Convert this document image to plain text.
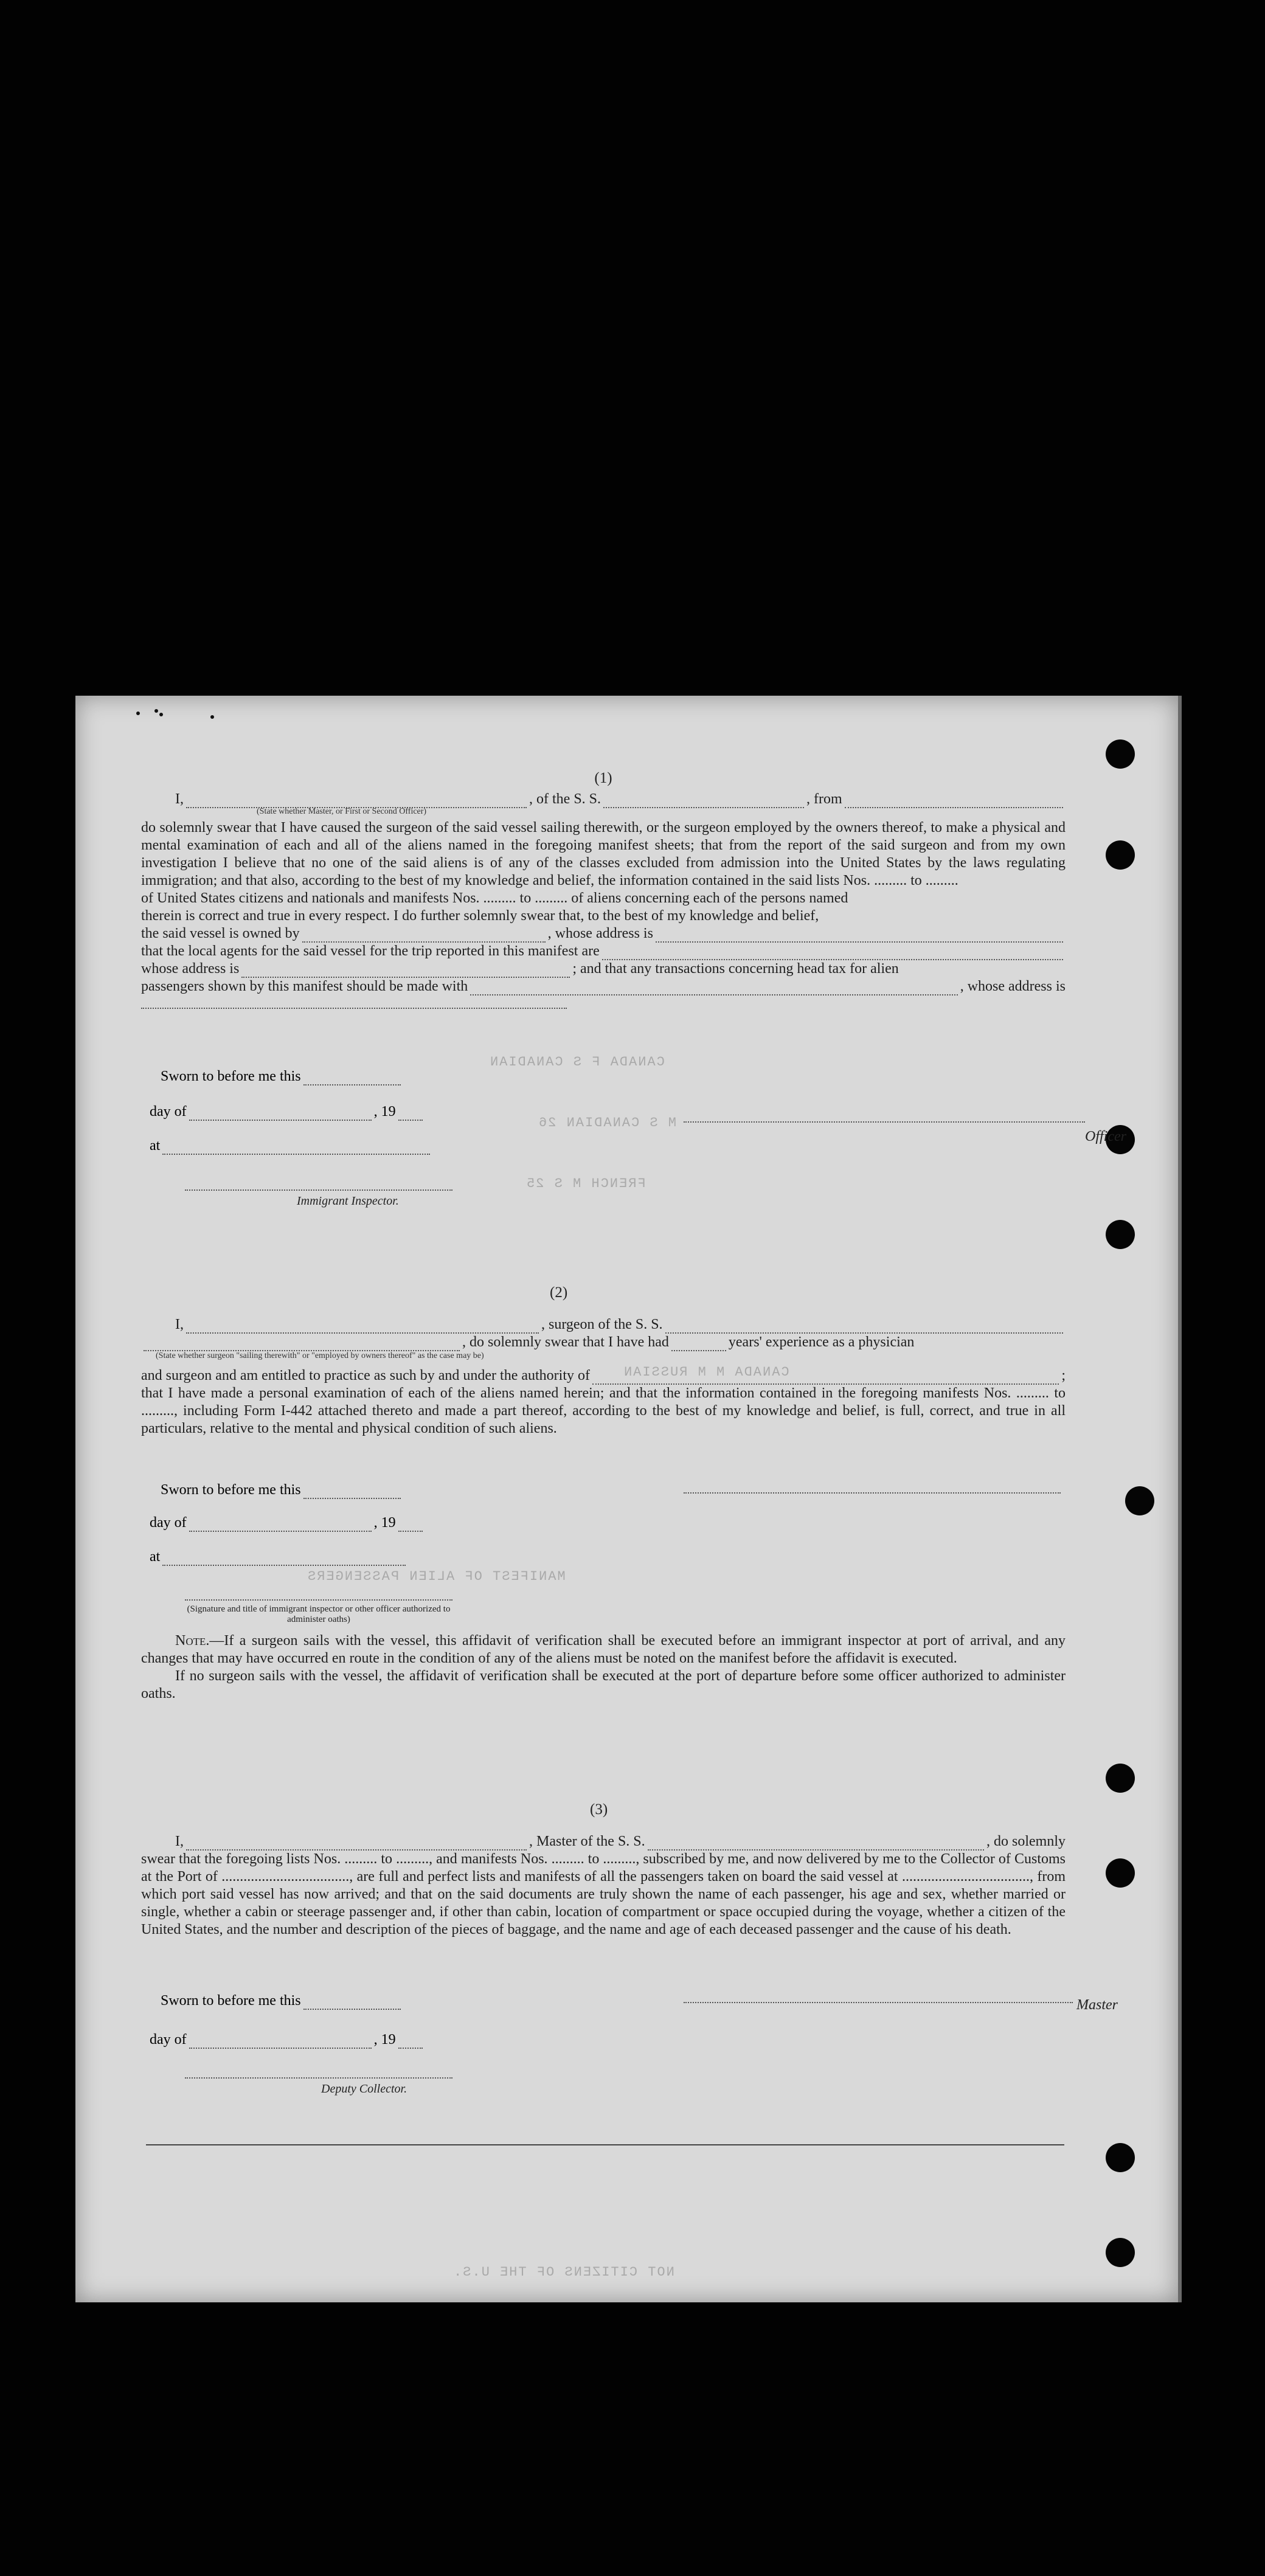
MANIFEST OF ALIEN PASSENGERS
CANADA F S CANADIAN
M S CANADIAN 26
FRENCH M S 25
CANADA M M RUSSIAN
NOT CITIZENS OF THE U.S.
(1)
I,	, of the S. S.	, from
(State whether Master, or First or Second Officer)

do solemnly swear that I have caused the surgeon of the said vessel sailing therewith, or the surgeon employed by the owners thereof, to make a physical and mental examination of each and all of the aliens named in the foregoing manifest sheets; that from the report of the said surgeon and from my own investigation I believe that no one of the said aliens is of any of the classes excluded from admission into the United States by the laws regulating immigration; and that also, according to the best of my knowledge and belief, the information contained in the said lists Nos. ......... to .........

of United States citizens and nationals and manifests Nos. ......... to ......... of aliens concerning each of the persons named

therein is correct and true in every respect. I do further solemnly swear that, to the best of my knowledge and belief,

the said vessel is owned by	, whose address is
that the local agents for the said vessel for the trip reported in this manifest are
whose address is	; and that any transactions concerning head tax for alien
passengers shown by this manifest should be made with	, whose address is
Sworn to before me this
day of	, 19
at
Officer
Immigrant Inspector.
(2)
I,	, surgeon of the S. S.
, do solemnly swear that I have had	years' experience as a physician
(State whether surgeon "sailing therewith" or "employed by owners thereof" as the case may be)
and surgeon and am entitled to practice as such by and under the authority of	;

that I have made a personal examination of each of the aliens named herein; and that the information contained in the foregoing manifests Nos. ......... to ........., including Form I-442 attached thereto and made a part thereof, according to the best of my knowledge and belief, is full, correct, and true in all particulars, relative to the mental and physical condition of such aliens.

Sworn to before me this
day of	, 19
at
(Signature and title of immigrant inspector or other officer authorized to administer oaths)

Note.—If a surgeon sails with the vessel, this affidavit of verification shall be executed before an immigrant inspector at port of arrival, and any changes that may have occurred en route in the condition of any of the aliens must be noted on the manifest before the affidavit is executed.

If no surgeon sails with the vessel, the affidavit of verification shall be executed at the port of departure before some officer authorized to administer oaths.

(3)
I,	, Master of the S. S.	, do solemnly

swear that the foregoing lists Nos. ......... to ........., and manifests Nos. ......... to ........., subscribed by me, and now delivered by me to the Collector of Customs at the Port of ..................................., are full and perfect lists and manifests of all the passengers taken on board the said vessel at ..................................., from which port said vessel has now arrived; and that on the said documents are truly shown the name of each passenger, his age and sex, whether married or single, whether a cabin or steerage passenger and, if other than cabin, location of compartment or space occupied during the voyage, whether a citizen of the United States, and the number and description of the pieces of baggage, and the name and age of each deceased passenger and the cause of his death.

Sworn to before me this	Master
day of	, 19
Deputy Collector.
